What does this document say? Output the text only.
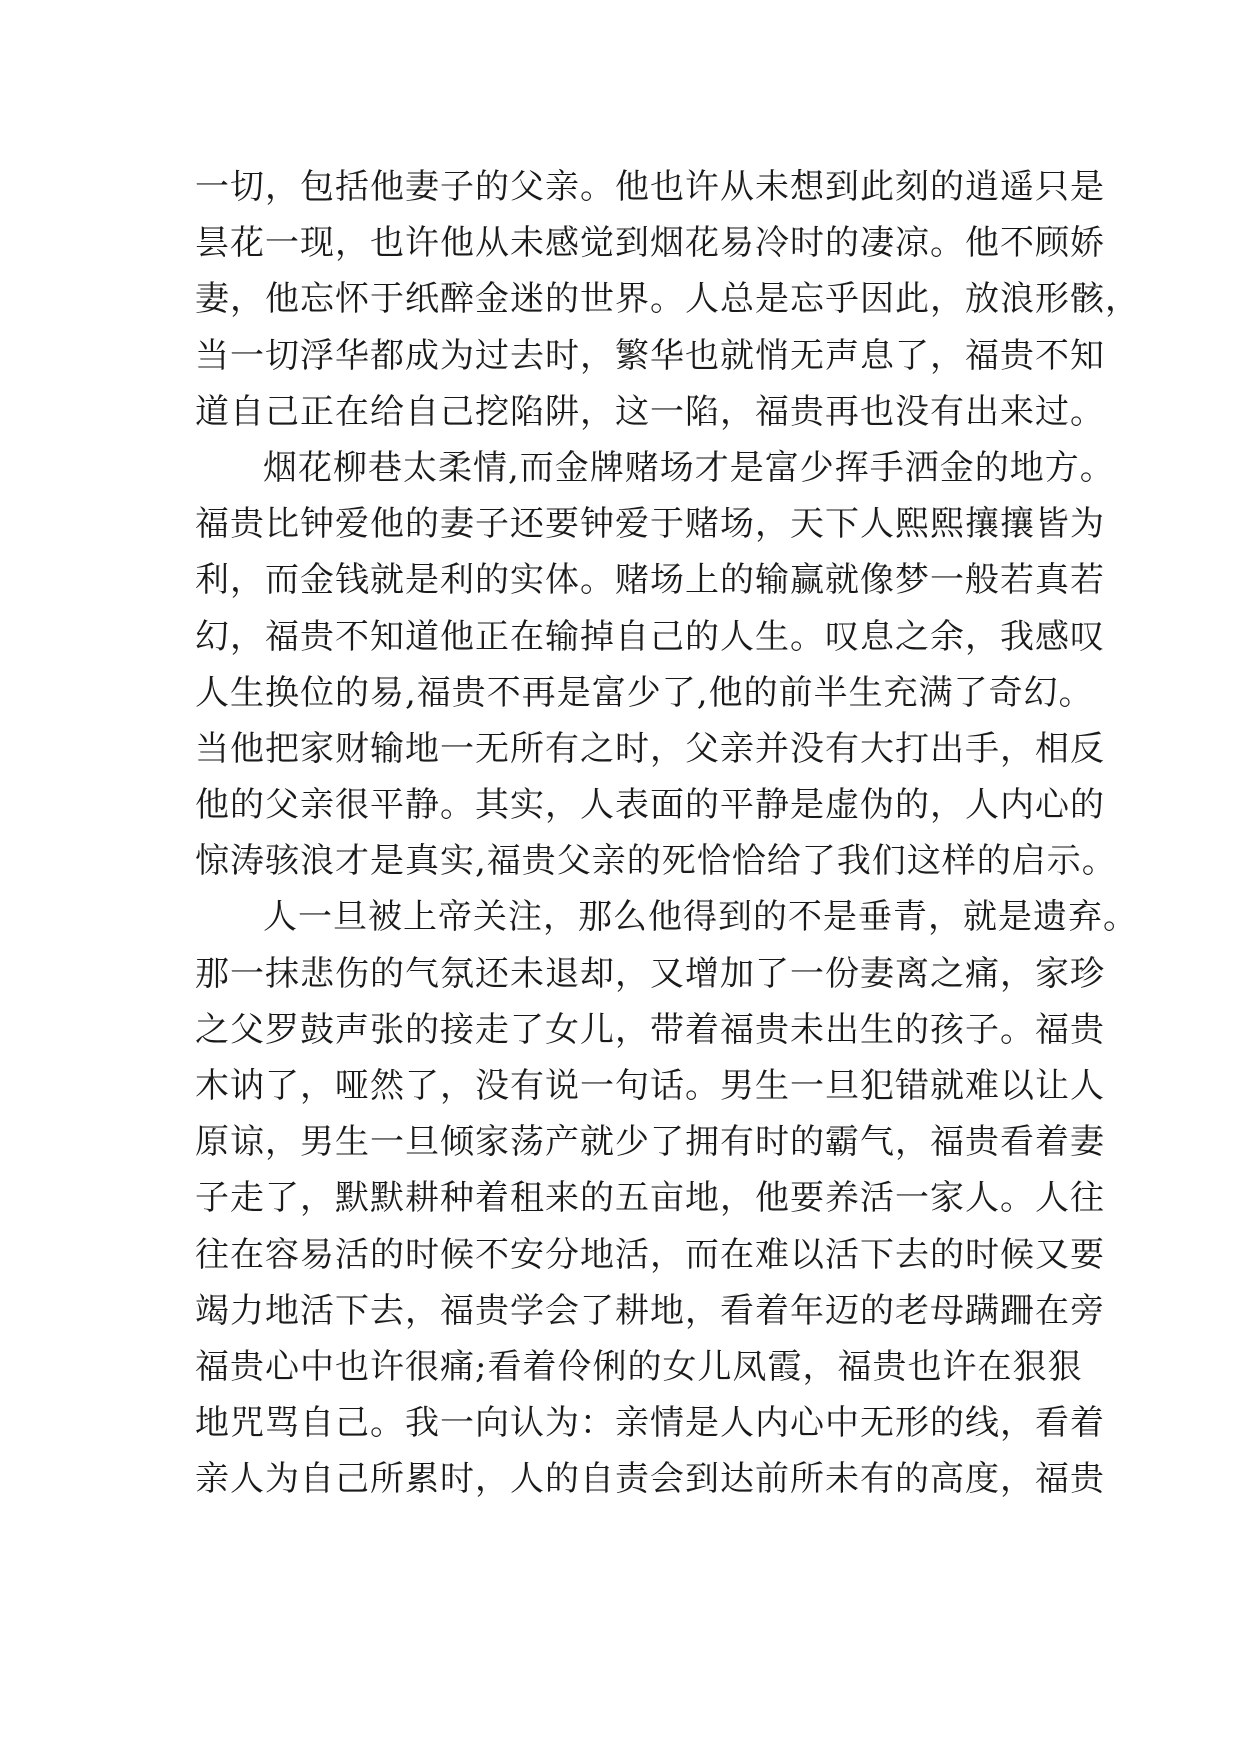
一切，包括他妻子的父亲。他也许从未想到此刻的逍遥只是
昙花一现，也许他从未感觉到烟花易冷时的凄凉。他不顾娇
妻，他忘怀于纸醉金迷的世界。人总是忘乎因此，放浪形骸，
当一切浮华都成为过去时，繁华也就悄无声息了，福贵不知
道自己正在给自己挖陷阱，这一陷，福贵再也没有出来过。
烟花柳巷太柔情,而金牌赌场才是富少挥手洒金的地方。
福贵比钟爱他的妻子还要钟爱于赌场，天下人熙熙攘攘皆为
利，而金钱就是利的实体。赌场上的输赢就像梦一般若真若
幻，福贵不知道他正在输掉自己的人生。叹息之余，我感叹
人生换位的易,福贵不再是富少了,他的前半生充满了奇幻。
当他把家财输地一无所有之时，父亲并没有大打出手，相反
他的父亲很平静。其实，人表面的平静是虚伪的，人内心的
惊涛骇浪才是真实,福贵父亲的死恰恰给了我们这样的启示。
人一旦被上帝关注，那么他得到的不是垂青，就是遗弃。
那一抹悲伤的气氛还未退却，又增加了一份妻离之痛，家珍
之父罗鼓声张的接走了女儿，带着福贵未出生的孩子。福贵
木讷了，哑然了，没有说一句话。男生一旦犯错就难以让人
原谅，男生一旦倾家荡产就少了拥有时的霸气，福贵看着妻
子走了，默默耕种着租来的五亩地，他要养活一家人。人往
往在容易活的时候不安分地活，而在难以活下去的时候又要
竭力地活下去，福贵学会了耕地，看着年迈的老母蹒跚在旁
福贵心中也许很痛;看着伶俐的女儿凤霞，福贵也许在狠狠
地咒骂自己。我一向认为：亲情是人内心中无形的线，看着
亲人为自己所累时，人的自责会到达前所未有的高度，福贵
